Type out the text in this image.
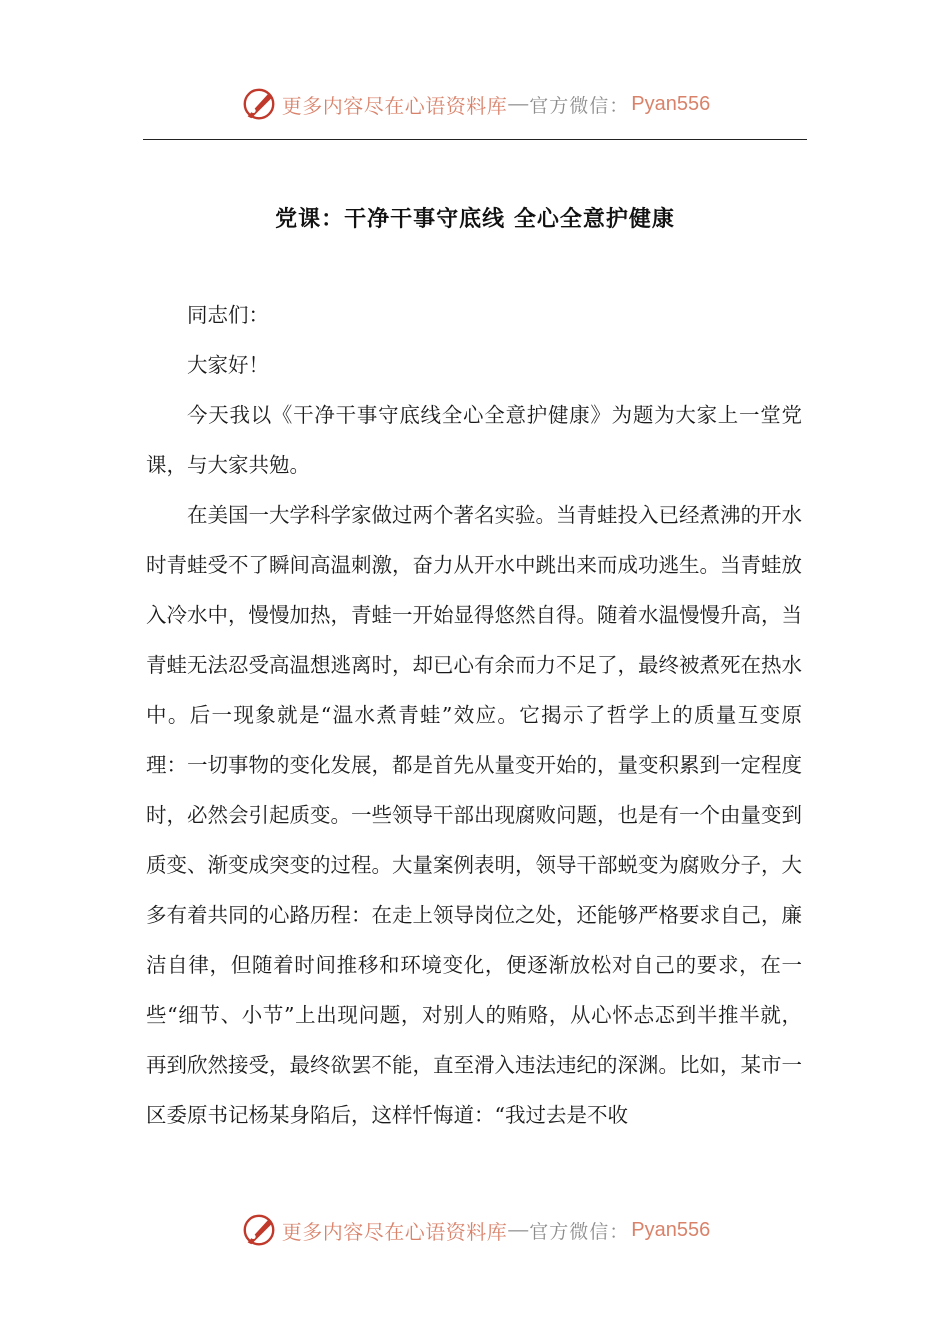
更多内容尽在心语资料库 — 官方微信： Pyan556
党课：干净干事守底线 全心全意护健康

同志们：

大家好！

今天我以《干净干事守底线全心全意护健康》为题为大家上一堂党课，与大家共勉。

在美国一大学科学家做过两个著名实验。当青蛙投入已经煮沸的开水时青蛙受不了瞬间高温刺激，奋力从开水中跳出来而成功逃生。当青蛙放入冷水中，慢慢加热，青蛙一开始显得悠然自得。随着水温慢慢升高，当青蛙无法忍受高温想逃离时，却已心有余而力不足了，最终被煮死在热水中。后一现象就是“温水煮青蛙”效应。它揭示了哲学上的质量互变原理：一切事物的变化发展，都是首先从量变开始的，量变积累到一定程度时，必然会引起质变。一些领导干部出现腐败问题，也是有一个由量变到质变、渐变成突变的过程。大量案例表明，领导干部蜕变为腐败分子，大多有着共同的心路历程：在走上领导岗位之处，还能够严格要求自己，廉洁自律，但随着时间推移和环境变化，便逐渐放松对自己的要求，在一些“细节、小节”上出现问题，对别人的贿赂，从心怀忐忑到半推半就，再到欣然接受，最终欲罢不能，直至滑入违法违纪的深渊。比如，某市一区委原书记杨某身陷后，这样忏悔道：“我过去是不收

更多内容尽在心语资料库 — 官方微信： Pyan556
